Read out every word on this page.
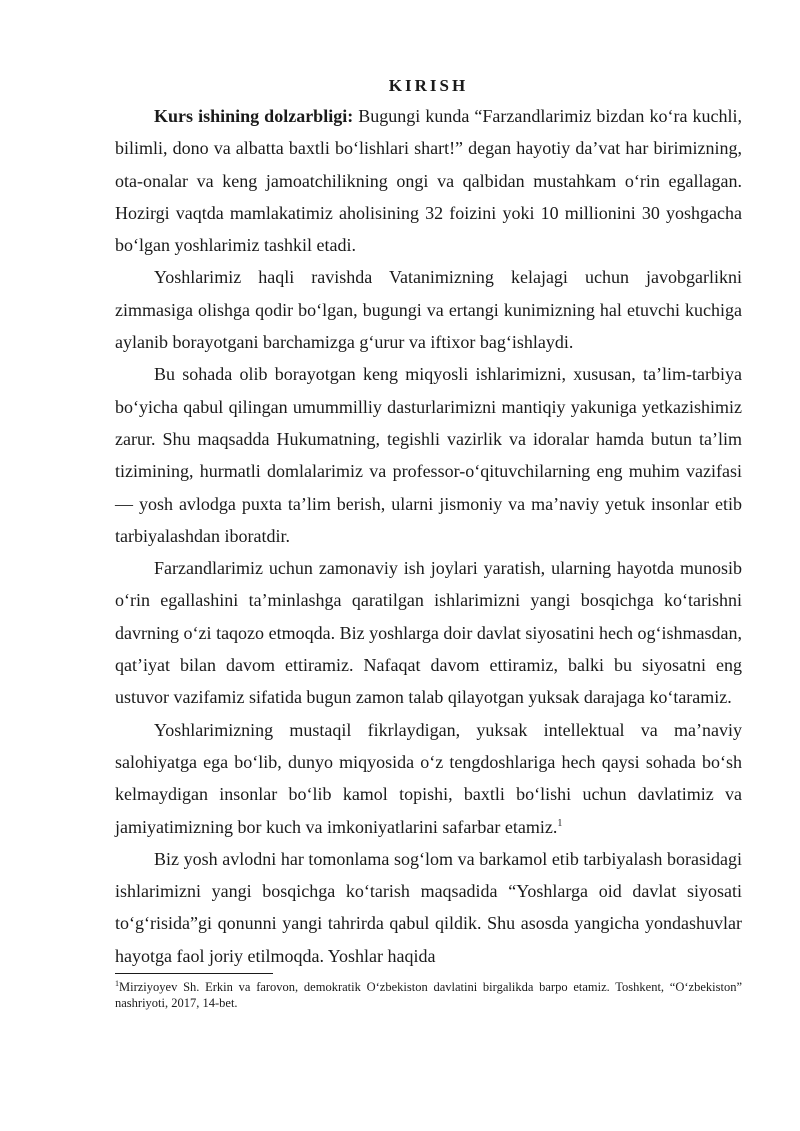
KIRISH

Kurs ishining dolzarbligi: Bugungi kunda “Farzandlarimiz bizdan ko‘ra kuchli, bilimli, dono va albatta baxtli bo‘lishlari shart!” degan hayotiy da’vat har birimizning, ota-onalar va keng jamoatchilikning ongi va qalbidan mustahkam o‘rin egallagan. Hozirgi vaqtda mamlakatimiz aholisining 32 foizini yoki 10 millionini 30 yoshgacha bo‘lgan yoshlarimiz tashkil etadi.

Yoshlarimiz haqli ravishda Vatanimizning kelajagi uchun javobgarlikni zimmasiga olishga qodir bo‘lgan, bugungi va ertangi kunimizning hal etuvchi kuchiga aylanib borayotgani barchamizga g‘urur va iftixor bag‘ishlaydi.

Bu sohada olib borayotgan keng miqyosli ishlarimizni, xususan, ta’lim-tarbiya bo‘yicha qabul qilingan umummilliy dasturlarimizni mantiqiy yakuniga yetkazishimiz zarur. Shu maqsadda Hukumatning, tegishli vazirlik va idoralar hamda butun ta’lim tizimining, hurmatli domlalarimiz va professor-o‘qituvchilarning eng muhim vazifasi — yosh avlodga puxta ta’lim berish, ularni jismoniy va ma’naviy yetuk insonlar etib tarbiyalashdan iboratdir.

Farzandlarimiz uchun zamonaviy ish joylari yaratish, ularning hayotda munosib o‘rin egallashini ta’minlashga qaratilgan ishlarimizni yangi bosqichga ko‘tarishni davrning o‘zi taqozo etmoqda. Biz yoshlarga doir davlat siyosatini hech og‘ishmasdan, qat’iyat bilan davom ettiramiz. Nafaqat davom ettiramiz, balki bu siyosatni eng ustuvor vazifamiz sifatida bugun zamon talab qilayotgan yuksak darajaga ko‘taramiz.

Yoshlarimizning mustaqil fikrlaydigan, yuksak intellektual va ma’naviy salohiyatga ega bo‘lib, dunyo miqyosida o‘z tengdoshlariga hech qaysi sohada bo‘sh kelmaydigan insonlar bo‘lib kamol topishi, baxtli bo‘lishi uchun davlatimiz va jamiyatimizning bor kuch va imkoniyatlarini safarbar etamiz.$^1$

Biz yosh avlodni har tomonlama sog‘lom va barkamol etib tarbiyalash borasidagi ishlarimizni yangi bosqichga ko‘tarish maqsadida “Yoshlarga oid davlat siyosati to‘g‘risida”gi qonunni yangi tahrirda qabul qildik. Shu asosda yangicha yondashuvlar hayotga faol joriy etilmoqda. Yoshlar haqida

$^1$Mirziyoyev Sh. Erkin va farovon, demokratik O‘zbekiston davlatini birgalikda barpo etamiz. Toshkent, “O‘zbekiston” nashriyoti, 2017, 14-bet.
